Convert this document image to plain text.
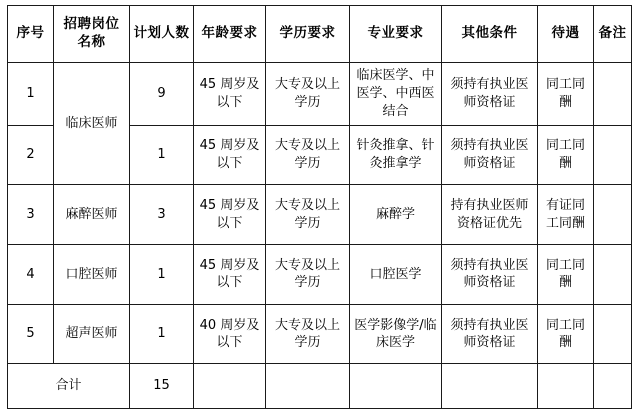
序号	招聘岗位名称	计划人数	年龄要求	学历要求	专业要求	其他条件	待遇	备注
1	临床医师	9	45 周岁及以下	大专及以上学历	临床医学、中医学、中西医结合	须持有执业医师资格证	同工同酬	
2		1	45 周岁及以下	大专及以上学历	针灸推拿、针灸推拿学	须持有执业医师资格证	同工同酬	
3	麻醉医师	3	45 周岁及以下	大专及以上学历	麻醉学	持有执业医师资格证优先	有证同工同酬	
4	口腔医师	1	45 周岁及以下	大专及以上学历	口腔医学	须持有执业医师资格证	同工同酬	
5	超声医师	1	40 周岁及以下	大专及以上学历	医学影像学/临床医学	须持有执业医师资格证	同工同酬	
合计		15						
